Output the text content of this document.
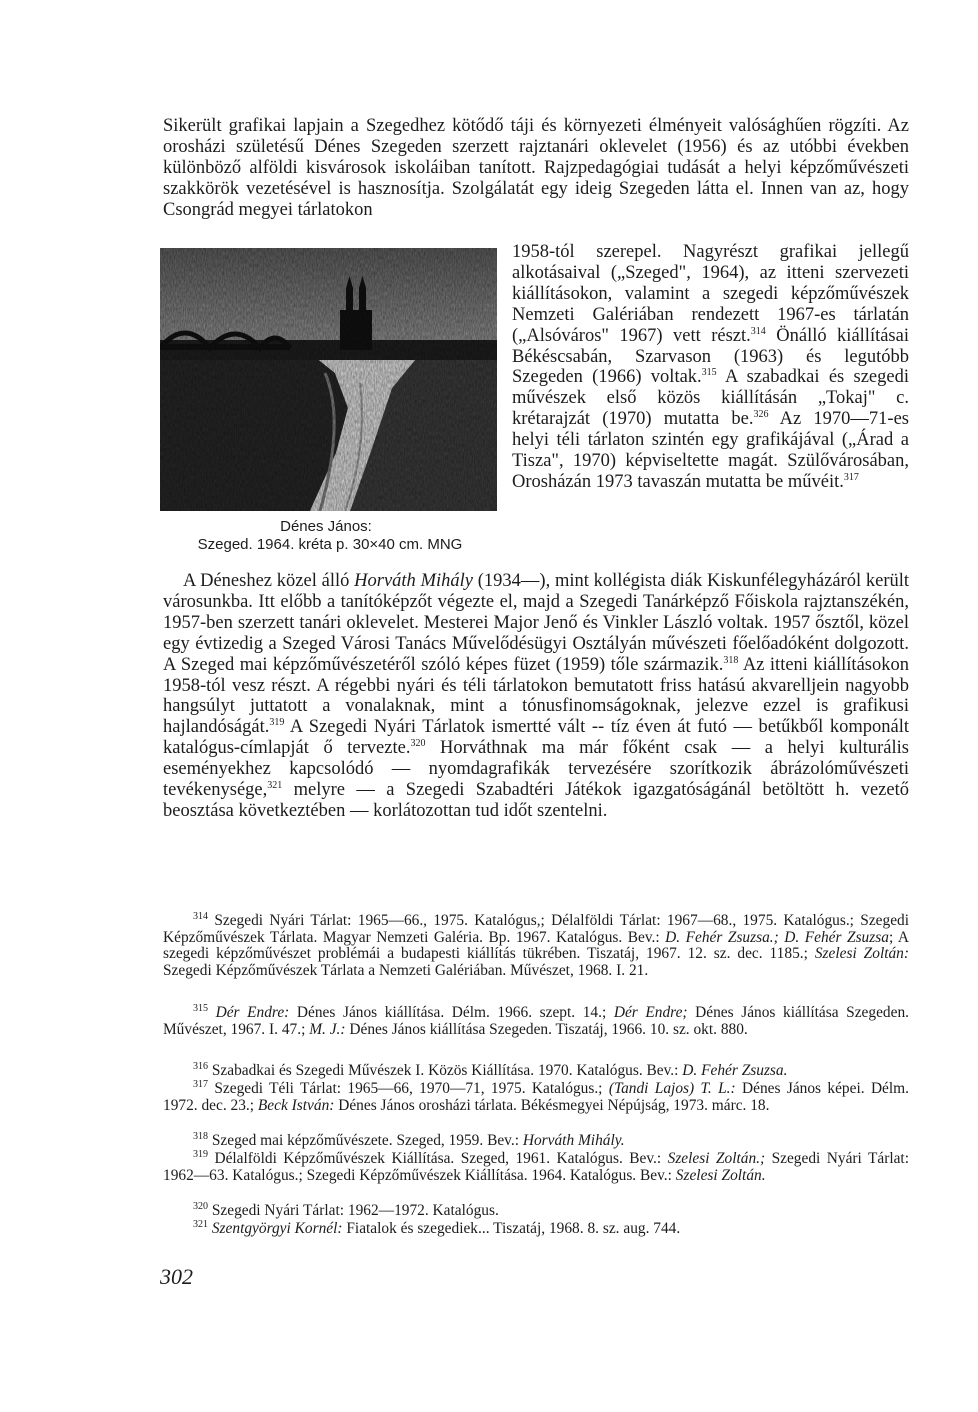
Sikerült grafikai lapjain a Szegedhez kötődő táji és környezeti élményeit valósághűen rögzíti. Az orosházi születésű Dénes Szegeden szerzett rajztanári oklevelet (1956) és az utóbbi években különböző alföldi kisvárosok iskoláiban tanított. Rajzpedagógiai tudását a helyi képzőművészeti szakkörök vezetésével is hasznosítja. Szolgálatát egy ideig Szegeden látta el. Innen van az, hogy Csongrád megyei tárlatokon

Dénes János:
Szeged. 1964. kréta p. 30×40 cm. MNG

1958-tól szerepel. Nagyrészt grafikai jellegű alkotásaival („Szeged", 1964), az itteni szervezeti kiállításokon, valamint a szegedi képzőművészek Nemzeti Galériában rendezett 1967-es tárlatán („Alsóváros" 1967) vett részt.$^{314}$ Önálló kiállításai Békéscsabán, Szarvason (1963) és legutóbb Szegeden (1966) voltak.$^{315}$ A szabadkai és szegedi művészek első közös kiállításán „Tokaj" c. krétarajzát (1970) mutatta be.$^{326}$ Az 1970—71-es helyi téli tárlaton szintén egy grafikájával („Árad a Tisza", 1970) képviseltette magát. Szülővárosában, Orosházán 1973 tavaszán mutatta be művéit.$^{317}$

A Déneshez közel álló Horváth Mihály (1934—), mint kollégista diák Kiskunfélegyházáról került városunkba. Itt előbb a tanítóképzőt végezte el, majd a Szegedi Tanárképző Főiskola rajztanszékén, 1957-ben szerzett tanári oklevelet. Mesterei Major Jenő és Vinkler László voltak. 1957 ősztől, közel egy évtizedig a Szeged Városi Tanács Művelődésügyi Osztályán művészeti főelőadóként dolgozott. A Szeged mai képzőművészetéről szóló képes füzet (1959) tőle származik.$^{318}$ Az itteni kiállításokon 1958-tól vesz részt. A régebbi nyári és téli tárlatokon bemutatott friss hatású akvarelljein nagyobb hangsúlyt juttatott a vonalaknak, mint a tónusfinomságoknak, jelezve ezzel is grafikusi hajlandóságát.$^{319}$ A Szegedi Nyári Tárlatok ismertté vált -- tíz éven át futó — betűkből komponált katalógus-címlapját ő tervezte.$^{320}$ Horváthnak ma már főként csak — a helyi kulturális eseményekhez kapcsolódó — nyomdagrafikák tervezésére szorítkozik ábrázolóművészeti tevékenysége,$^{321}$ melyre — a Szegedi Szabadtéri Játékok igazgatóságánál betöltött h. vezető beosztása következtében — korlátozottan tud időt szentelni.

$^{314}$ Szegedi Nyári Tárlat: 1965—66., 1975. Katalógus,; Délalföldi Tárlat: 1967—68., 1975. Katalógus.; Szegedi Képzőművészek Tárlata. Magyar Nemzeti Galéria. Bp. 1967. Katalógus. Bev.: D. Fehér Zsuzsa.; D. Fehér Zsuzsa; A szegedi képzőművészet problémái a budapesti kiállítás tükrében. Tiszatáj, 1967. 12. sz. dec. 1185.; Szelesi Zoltán: Szegedi Képzőművészek Tárlata a Nemzeti Galériában. Művészet, 1968. I. 21.

$^{315}$ Dér Endre: Dénes János kiállítása. Délm. 1966. szept. 14.; Dér Endre; Dénes János kiállítása Szegeden. Művészet, 1967. I. 47.; M. J.: Dénes János kiállítása Szegeden. Tiszatáj, 1966. 10. sz. okt. 880.

$^{316}$ Szabadkai és Szegedi Művészek I. Közös Kiállítása. 1970. Katalógus. Bev.: D. Fehér Zsuzsa.

$^{317}$ Szegedi Téli Tárlat: 1965—66, 1970—71, 1975. Katalógus.; (Tandi Lajos) T. L.: Dénes János képei. Délm. 1972. dec. 23.; Beck István: Dénes János orosházi tárlata. Békésmegyei Népújság, 1973. márc. 18.

$^{318}$ Szeged mai képzőművészete. Szeged, 1959. Bev.: Horváth Mihály.

$^{319}$ Délalföldi Képzőművészek Kiállítása. Szeged, 1961. Katalógus. Bev.: Szelesi Zoltán.; Szegedi Nyári Tárlat: 1962—63. Katalógus.; Szegedi Képzőművészek Kiállítása. 1964. Katalógus. Bev.: Szelesi Zoltán.

$^{320}$ Szegedi Nyári Tárlat: 1962—1972. Katalógus.

$^{321}$ Szentgyörgyi Kornél: Fiatalok és szegediek... Tiszatáj, 1968. 8. sz. aug. 744.

302
